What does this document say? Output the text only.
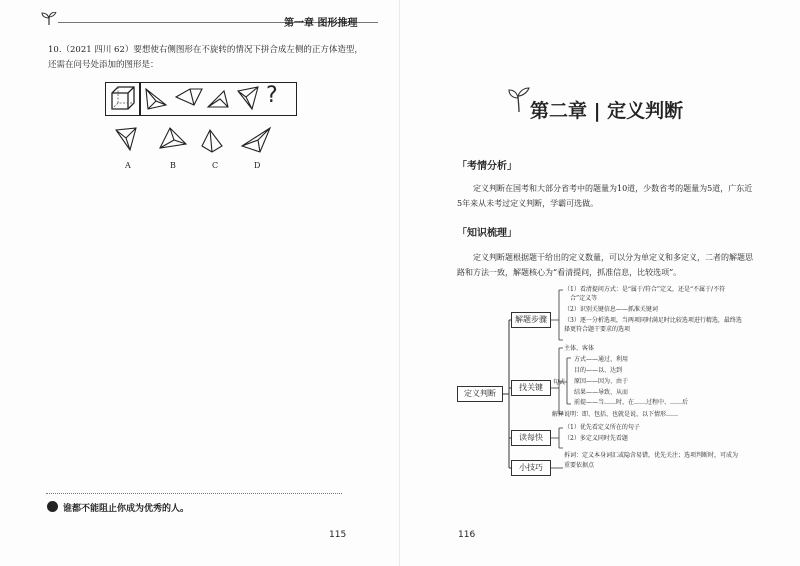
第一章 图形推理
10.（2021 四川 62）要想使右侧图形在不旋转的情况下拼合成左侧的正方体造型，
还需在问号处添加的图形是：
?
A	B	C	D
谁都不能阻止你成为优秀的人。
115
第二章 | 定义判断
「考情分析」
定义判断在国考和大部分省考中的题量为10道，少数省考的题量为5道，广东近5年来从未考过定义判断，学霸可选做。
「知识梳理」
定义判断题根据题干给出的定义数量，可以分为单定义和多定义，二者的解题思路和方法一致，解题核心为“看清提问，抓准信息，比较选项”。
定义判断
解题步骤
找关键
读每快
小技巧
（1）看清提问方式：是“属于/符合”定义，还是“不属于/不符
合”定义等
（2）识别关键信息——抓准关键词
（3）逐一分析选项，当两项同时满足时比较选项进行精选，最终选
择更符合题干要求的选项
主体、客体
句式
方式——通过、利用
目的——以、达到
原因——因为、由于
结果——导致、从而
前提——当……时、在……过程中、……后
解释说明：即、包括、也就是说、以下情形……
（1）优先看定义所在的句子
（2）多定义同时先看题
拆词：定义本身词汇或隐含易错，优先关注；选项判断时，可成为
重要依据点
116
